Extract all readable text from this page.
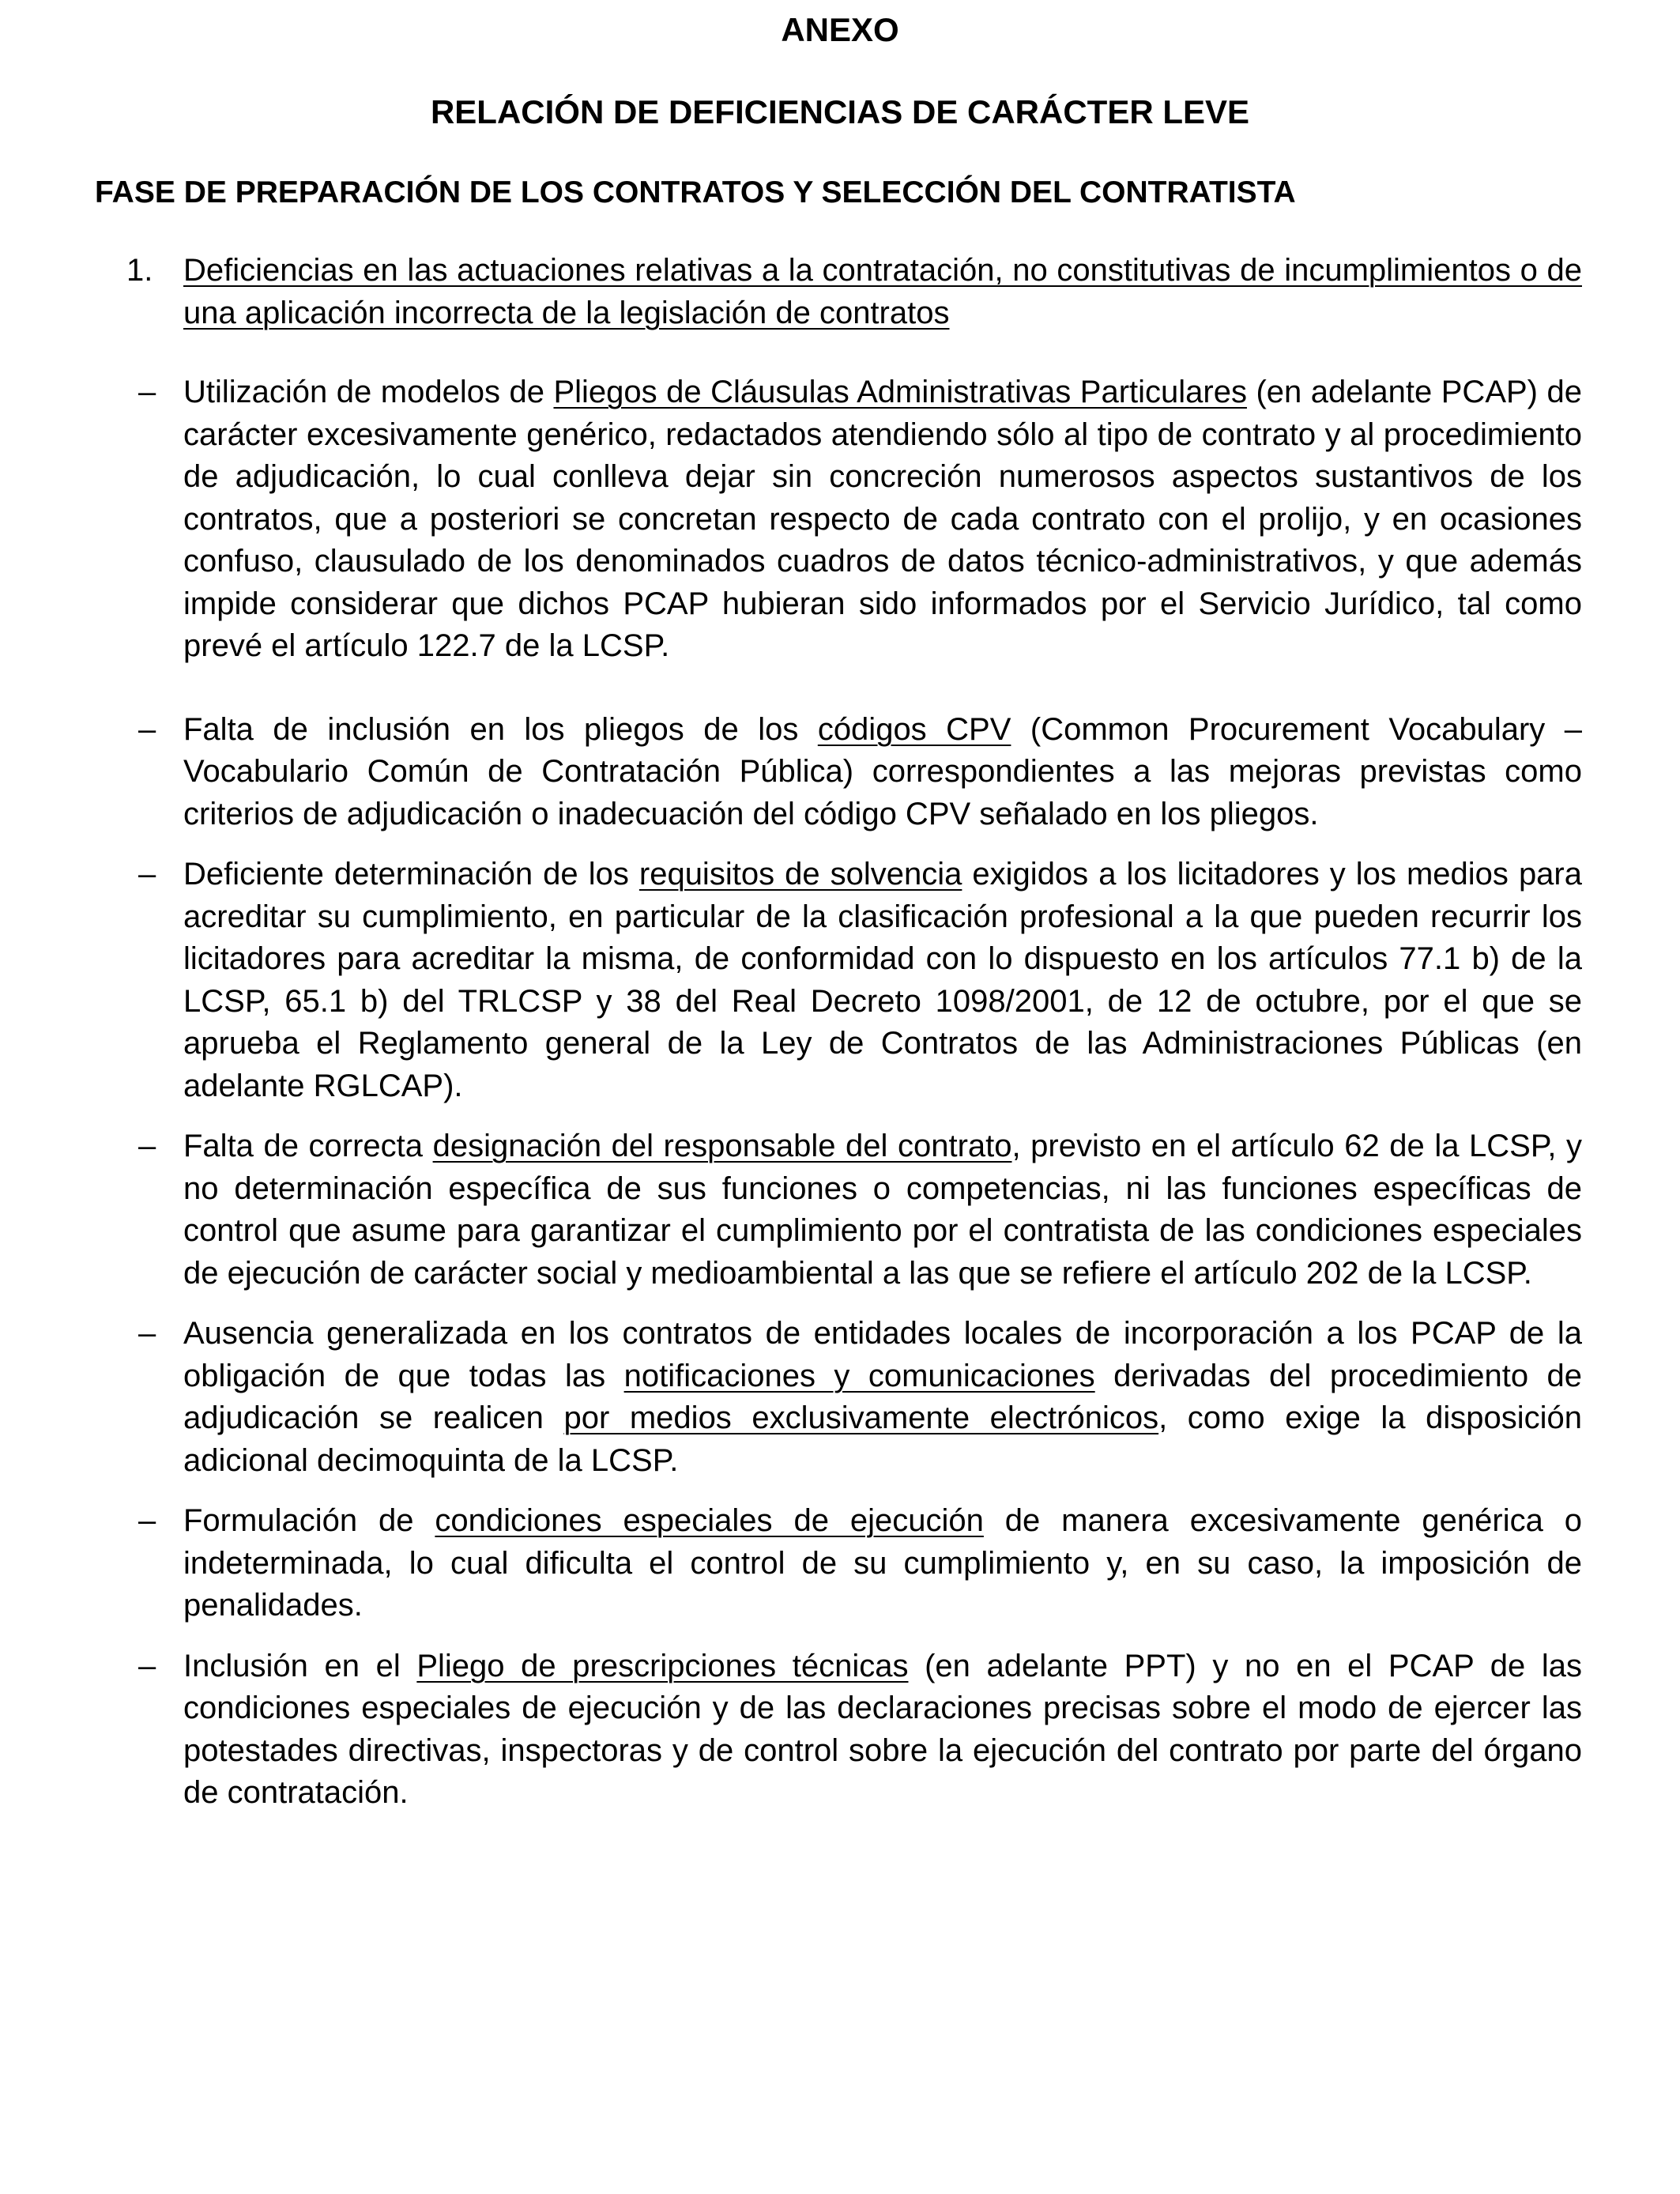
ANEXO
RELACIÓN DE DEFICIENCIAS DE CARÁCTER LEVE
FASE DE PREPARACIÓN DE LOS CONTRATOS Y SELECCIÓN DEL CONTRATISTA
1. Deficiencias en las actuaciones relativas a la contratación, no constitutivas de incumplimientos o de una aplicación incorrecta de la legislación de contratos
– Utilización de modelos de Pliegos de Cláusulas Administrativas Particulares (en adelante PCAP) de carácter excesivamente genérico, redactados atendiendo sólo al tipo de contrato y al procedimiento de adjudicación, lo cual conlleva dejar sin concreción numerosos aspectos sustantivos de los contratos, que a posteriori se concretan respecto de cada contrato con el prolijo, y en ocasiones confuso, clausulado de los denominados cuadros de datos técnico-administrativos, y que además impide considerar que dichos PCAP hubieran sido informados por el Servicio Jurídico, tal como prevé el artículo 122.7 de la LCSP.
– Falta de inclusión en los pliegos de los códigos CPV (Common Procurement Vocabulary – Vocabulario Común de Contratación Pública) correspondientes a las mejoras previstas como criterios de adjudicación o inadecuación del código CPV señalado en los pliegos.
– Deficiente determinación de los requisitos de solvencia exigidos a los licitadores y los medios para acreditar su cumplimiento, en particular de la clasificación profesional a la que pueden recurrir los licitadores para acreditar la misma, de conformidad con lo dispuesto en los artículos 77.1 b) de la LCSP, 65.1 b) del TRLCSP y 38 del Real Decreto 1098/2001, de 12 de octubre, por el que se aprueba el Reglamento general de la Ley de Contratos de las Administraciones Públicas (en adelante RGLCAP).
– Falta de correcta designación del responsable del contrato, previsto en el artículo 62 de la LCSP, y no determinación específica de sus funciones o competencias, ni las funciones específicas de control que asume para garantizar el cumplimiento por el contratista de las condiciones especiales de ejecución de carácter social y medioambiental a las que se refiere el artículo 202 de la LCSP.
– Ausencia generalizada en los contratos de entidades locales de incorporación a los PCAP de la obligación de que todas las notificaciones y comunicaciones derivadas del procedimiento de adjudicación se realicen por medios exclusivamente electrónicos, como exige la disposición adicional decimoquinta de la LCSP.
– Formulación de condiciones especiales de ejecución de manera excesivamente genérica o indeterminada, lo cual dificulta el control de su cumplimiento y, en su caso, la imposición de penalidades.
– Inclusión en el Pliego de prescripciones técnicas (en adelante PPT) y no en el PCAP de las condiciones especiales de ejecución y de las declaraciones precisas sobre el modo de ejercer las potestades directivas, inspectoras y de control sobre la ejecución del contrato por parte del órgano de contratación.
